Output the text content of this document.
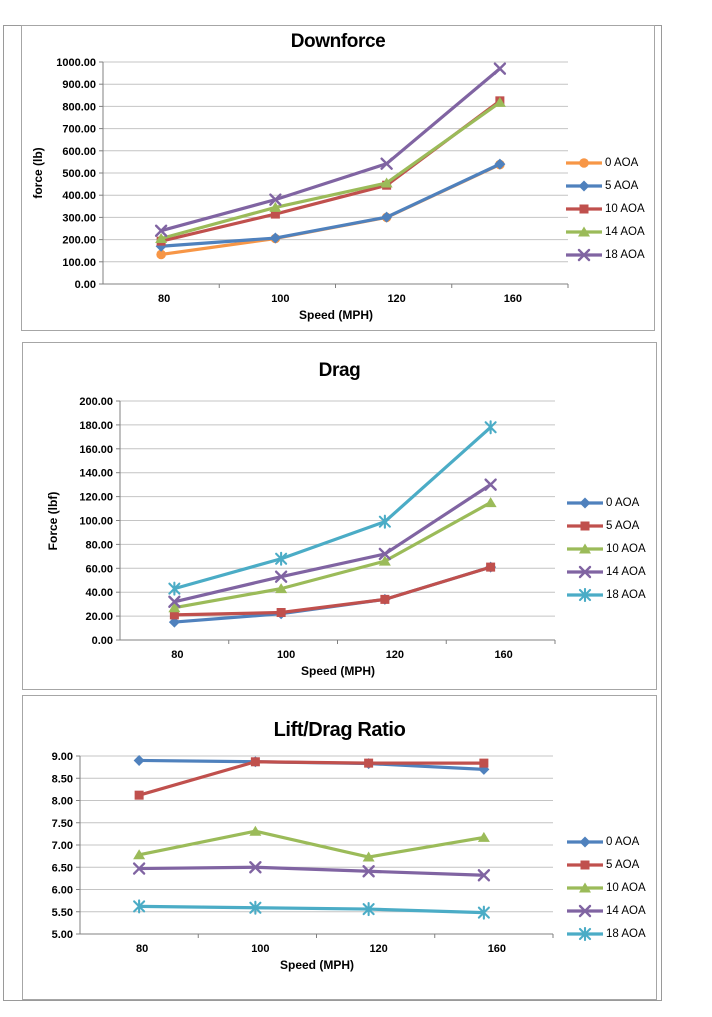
1000.00
900.00
800.00
700.00
600.00
500.00
400.00
300.00
200.00
100.00
0.00
80	100	120	160
Downforce
force (lb)
Speed (MPH)
0 AOA
5 AOA
10 AOA
14 AOA
18 AOA
200.00
180.00
160.00
140.00
120.00
100.00
80.00
60.00
40.00
20.00
0.00
80	100	120	160
Drag
Force (lbf)
Speed (MPH)
0 AOA
5 AOA
10 AOA
14 AOA
18 AOA
9.00
8.50
8.00
7.50
7.00
6.50
6.00
5.50
5.00
80	100	120	160
Lift/Drag Ratio
Speed (MPH)
0 AOA
5 AOA
10 AOA
14 AOA
18 AOA
